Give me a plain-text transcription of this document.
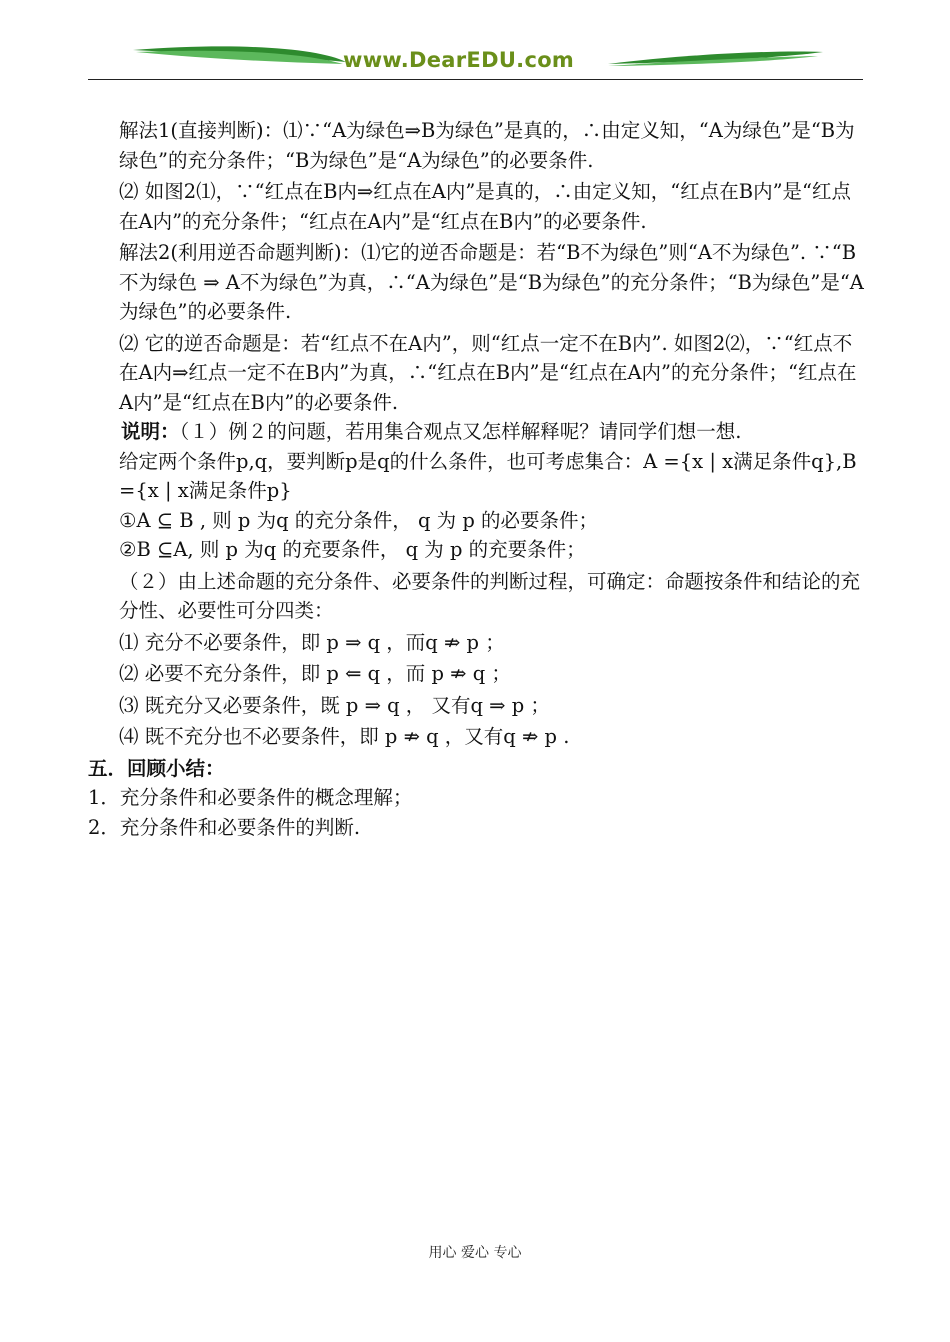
www.DearEDU.com

解法1(直接判断)：⑴∵“A为绿色⇒B为绿色”是真的，∴由定义知，“A为绿色”是“B为绿色”的充分条件；“B为绿色”是“A为绿色”的必要条件.

⑵ 如图2⑴，∵“红点在B内⇒红点在A内”是真的，∴由定义知，“红点在B内”是“红点在A内”的充分条件；“红点在A内”是“红点在B内”的必要条件.

解法2(利用逆否命题判断)：⑴它的逆否命题是：若“B不为绿色”则“A不为绿色”. ∵“B不为绿色 ⇒ A不为绿色”为真，∴“A为绿色”是“B为绿色”的充分条件；“B为绿色”是“A为绿色”的必要条件.

⑵ 它的逆否命题是：若“红点不在A内”，则“红点一定不在B内”. 如图2⑵，∵“红点不在A内⇒红点一定不在B内”为真，∴“红点在B内”是“红点在A内”的充分条件；“红点在A内”是“红点在B内”的必要条件.

说明：（１）例２的问题，若用集合观点又怎样解释呢？请同学们想一想.

给定两个条件p,q，要判断p是q的什么条件，也可考虑集合：A ={x | x满足条件q},B ={x | x满足条件p}

①A ⊆ B , 则 p 为q 的充分条件， q 为 p 的必要条件；

②B ⊆A, 则 p 为q 的充要条件， q 为 p 的充要条件；

（２）由上述命题的充分条件、必要条件的判断过程，可确定：命题按条件和结论的充分性、必要性可分四类：

⑴ 充分不必要条件，即 p ⇒ q ，而q ⇏ p ；

⑵ 必要不充分条件，即 p ⇐ q ，而 p ⇏ q ；

⑶ 既充分又必要条件，既 p ⇒ q ， 又有q ⇒ p ；

⑷ 既不充分也不必要条件，即 p ⇏ q ，又有q ⇏ p .

五．回顾小结：

1．充分条件和必要条件的概念理解；

2．充分条件和必要条件的判断.

用心 爱心 专心
